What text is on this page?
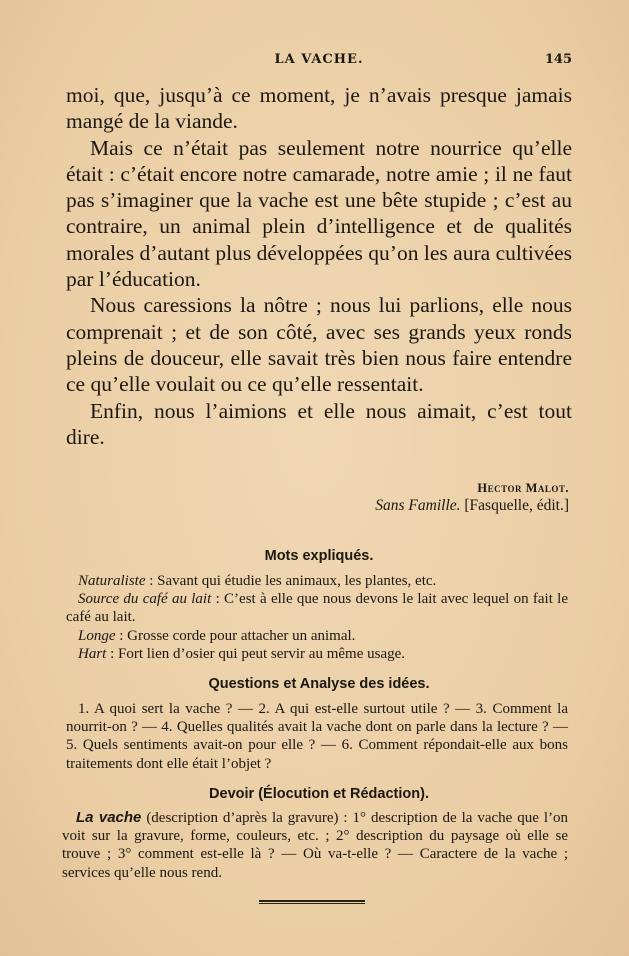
LA VACHE.	145

moi, que, jusqu’à ce moment, je n’avais presque jamais mangé de la viande.

Mais ce n’était pas seulement notre nourrice qu’elle était : c’était encore notre camarade, notre amie ; il ne faut pas s’imaginer que la vache est une bête stupide ; c’est au contraire, un animal plein d’intelligence et de qualités morales d’autant plus développées qu’on les aura cultivées par l’éducation.

Nous caressions la nôtre ; nous lui parlions, elle nous comprenait ; et de son côté, avec ses grands yeux ronds pleins de douceur, elle savait très bien nous faire entendre ce qu’elle voulait ou ce qu’elle ressentait.

Enfin, nous l’aimions et elle nous aimait, c’est tout dire.

Hector Malot.
Sans Famille. [Fasquelle, édit.]
Mots expliqués.

Naturaliste : Savant qui étudie les animaux, les plantes, etc.

Source du café au lait : C’est à elle que nous devons le lait avec lequel on fait le café au lait.

Longe : Grosse corde pour attacher un animal.

Hart : Fort lien d’osier qui peut servir au même usage.

Questions et Analyse des idées.

1. A quoi sert la vache ? — 2. A qui est-elle surtout utile ? — 3. Comment la nourrit-on ? — 4. Quelles qualités avait la vache dont on parle dans la lecture ? — 5. Quels sentiments avait-on pour elle ? — 6. Comment répondait-elle aux bons traitements dont elle était l’objet ?

Devoir (Élocution et Rédaction).

La vache (description d’après la gravure) : 1° description de la vache que l’on voit sur la gravure, forme, couleurs, etc. ; 2° description du paysage où elle se trouve ; 3° comment est-elle là ? — Où va-t-elle ? — Caractere de la vache ; services qu’elle nous rend.
